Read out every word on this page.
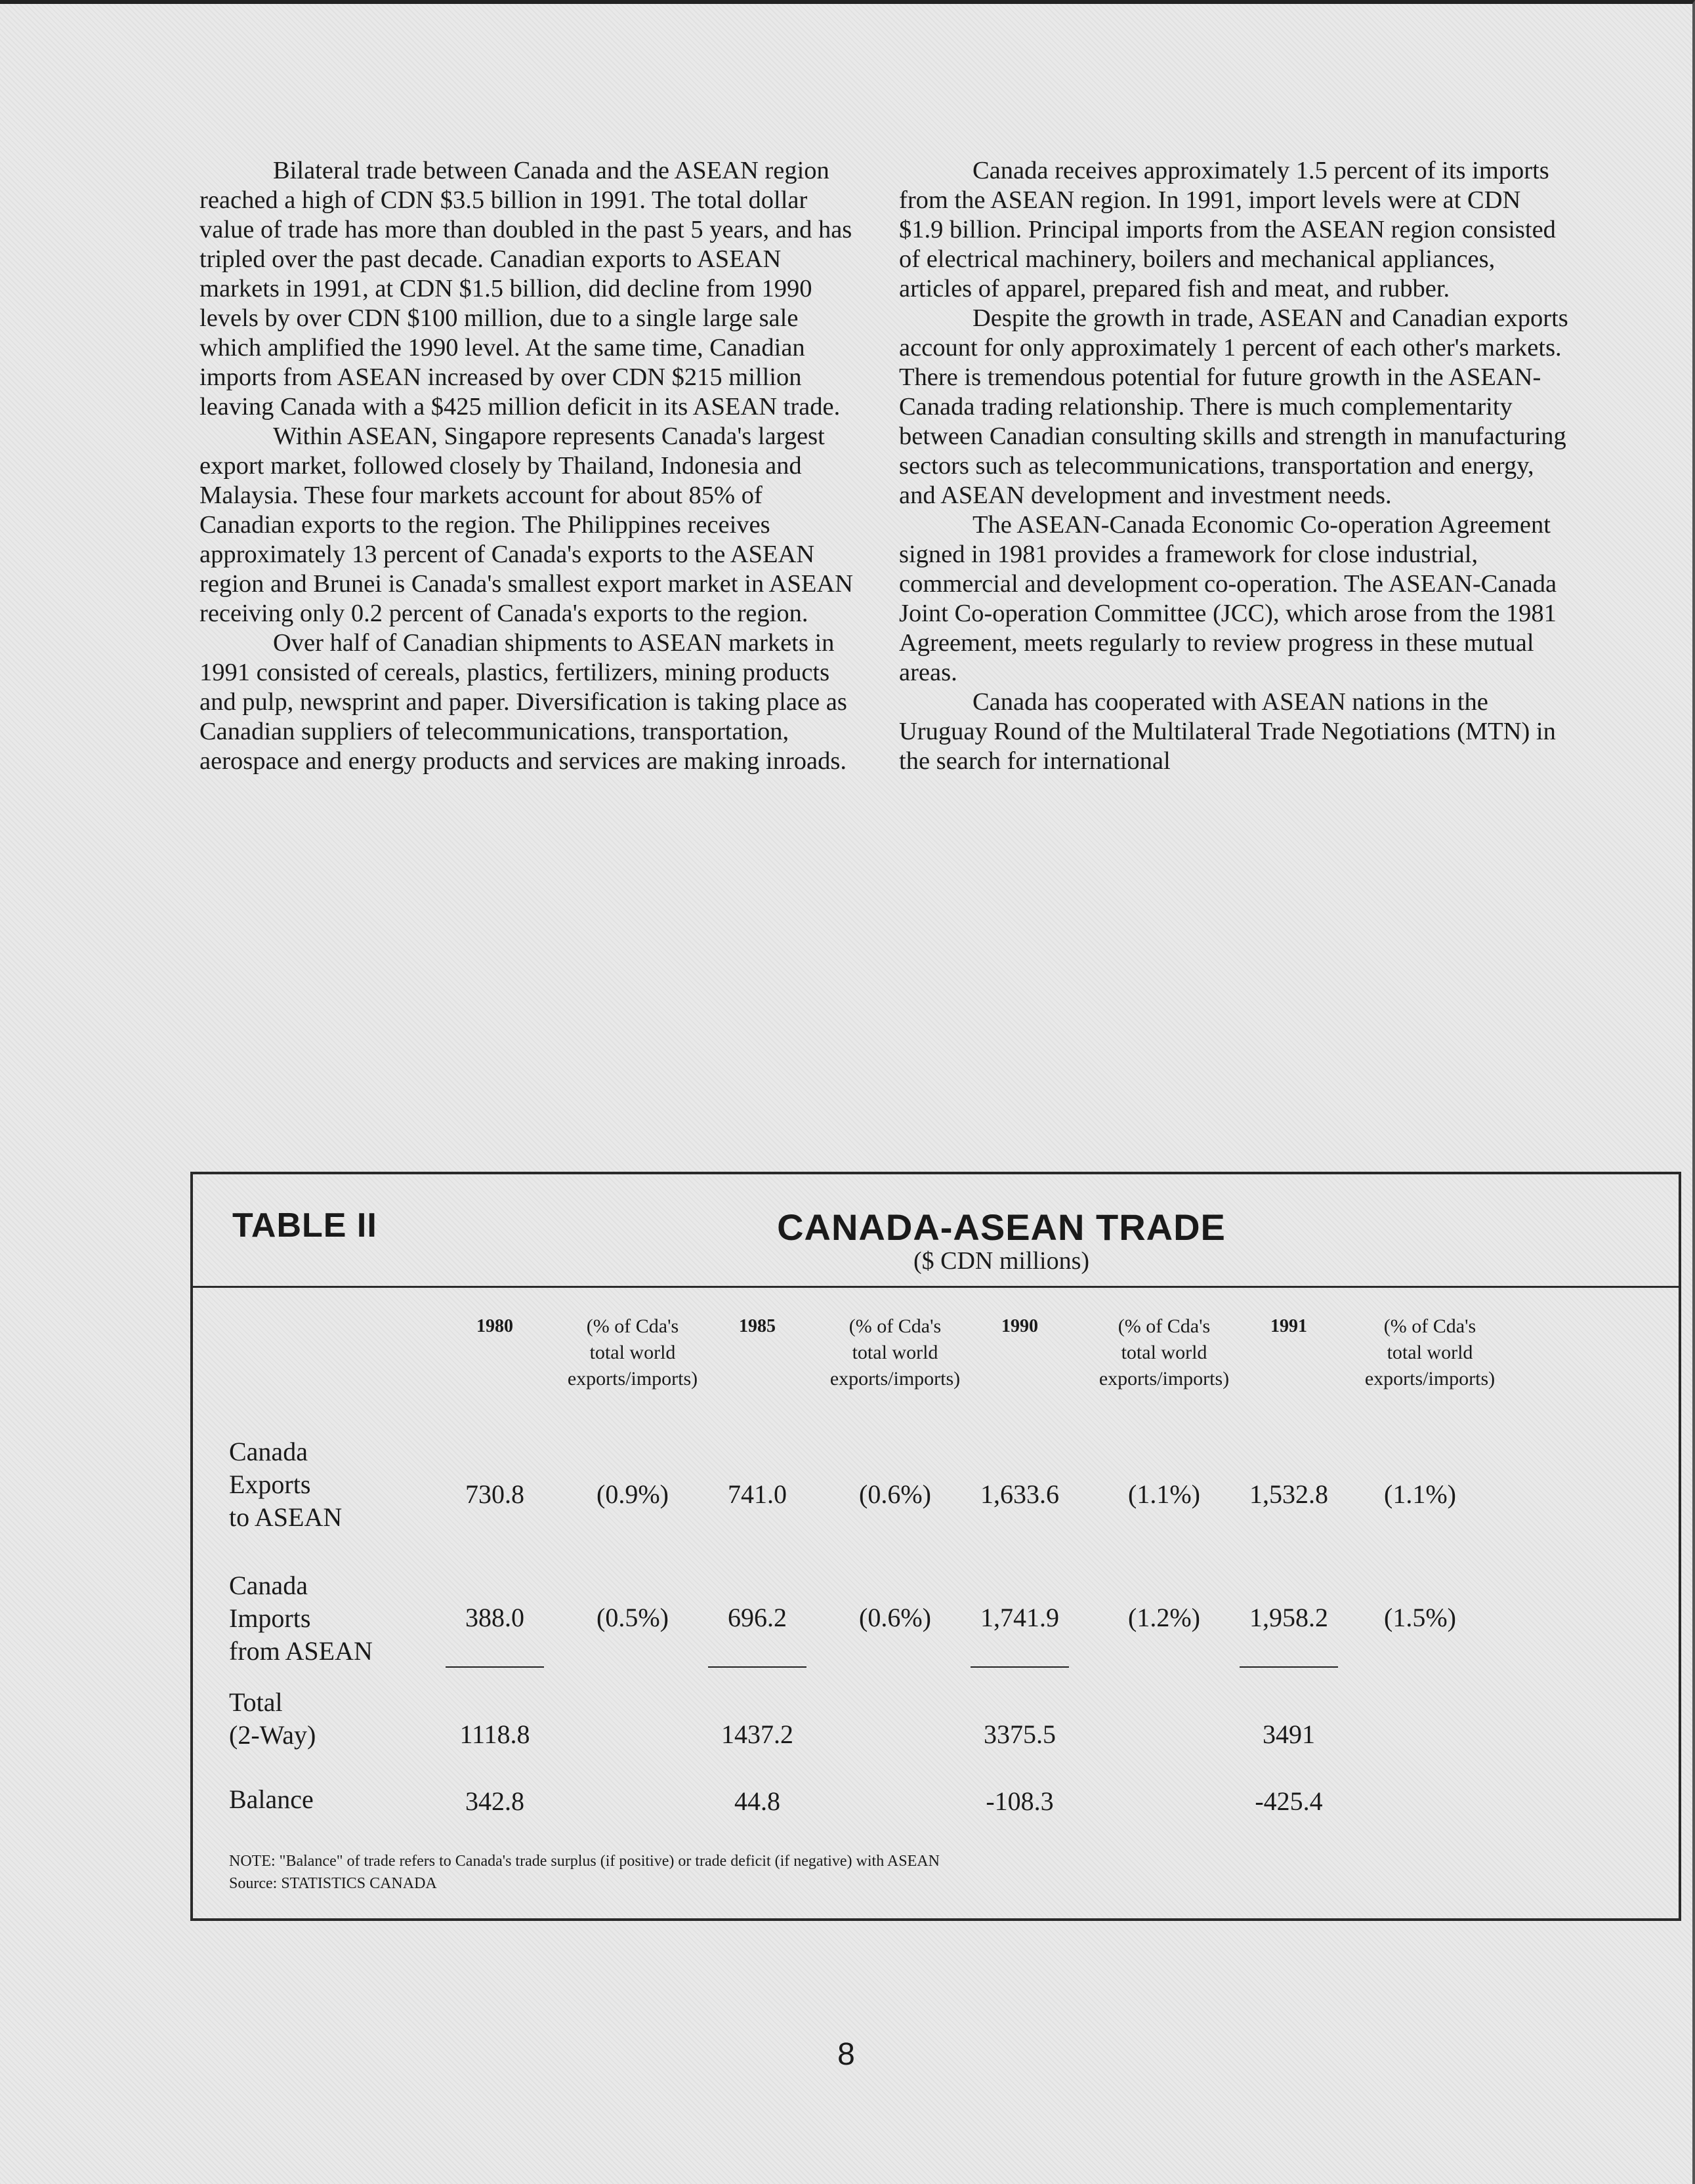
Bilateral trade between Canada and the ASEAN region reached a high of CDN $3.5 billion in 1991. The total dollar value of trade has more than doubled in the past 5 years, and has tripled over the past decade. Canadian exports to ASEAN markets in 1991, at CDN $1.5 billion, did decline from 1990 levels by over CDN $100 million, due to a single large sale which amplified the 1990 level. At the same time, Canadian imports from ASEAN increased by over CDN $215 million leaving Canada with a $425 million deficit in its ASEAN trade.

Within ASEAN, Singapore represents Canada's largest export market, followed closely by Thailand, Indonesia and Malaysia. These four markets account for about 85% of Canadian exports to the region. The Philippines receives approximately 13 percent of Canada's exports to the ASEAN region and Brunei is Canada's smallest export market in ASEAN receiving only 0.2 percent of Canada's exports to the region.

Over half of Canadian shipments to ASEAN markets in 1991 consisted of cereals, plastics, fertilizers, mining products and pulp, newsprint and paper. Diversification is taking place as Canadian suppliers of telecommunications, transportation, aerospace and energy products and services are making inroads.

Canada receives approximately 1.5 percent of its imports from the ASEAN region. In 1991, import levels were at CDN $1.9 billion. Principal imports from the ASEAN region consisted of electrical machinery, boilers and mechanical appliances, articles of apparel, prepared fish and meat, and rubber.

Despite the growth in trade, ASEAN and Canadian exports account for only approximately 1 percent of each other's markets. There is tremendous potential for future growth in the ASEAN-Canada trading relationship. There is much complementarity between Canadian consulting skills and strength in manufacturing sectors such as telecommunications, transportation and energy, and ASEAN development and investment needs.

The ASEAN-Canada Economic Co-operation Agreement signed in 1981 provides a framework for close industrial, commercial and development co-operation. The ASEAN-Canada Joint Co-operation Committee (JCC), which arose from the 1981 Agreement, meets regularly to review progress in these mutual areas.

Canada has cooperated with ASEAN nations in the Uruguay Round of the Multilateral Trade Negotiations (MTN) in the search for international

TABLE II	CANADA-ASEAN TRADE
($ CDN millions)
1980	(% of Cda's
total world
exports/imports)
1985	(% of Cda's
total world
exports/imports)
1990	(% of Cda's
total world
exports/imports)
1991	(% of Cda's
total world
exports/imports)
Canada
Exports
to ASEAN
730.8	(0.9%)	741.0	(0.6%)	1,633.6	(1.1%)	1,532.8	(1.1%)
Canada
Imports
from ASEAN
388.0	(0.5%)	696.2	(0.6%)	1,741.9	(1.2%)	1,958.2	(1.5%)
Total
(2-Way)	1118.8	1437.2	3375.5	3491
Balance	342.8	44.8	-108.3	-425.4
NOTE: "Balance" of trade refers to Canada's trade surplus (if positive) or trade deficit (if negative) with ASEAN
Source: STATISTICS CANADA
8
